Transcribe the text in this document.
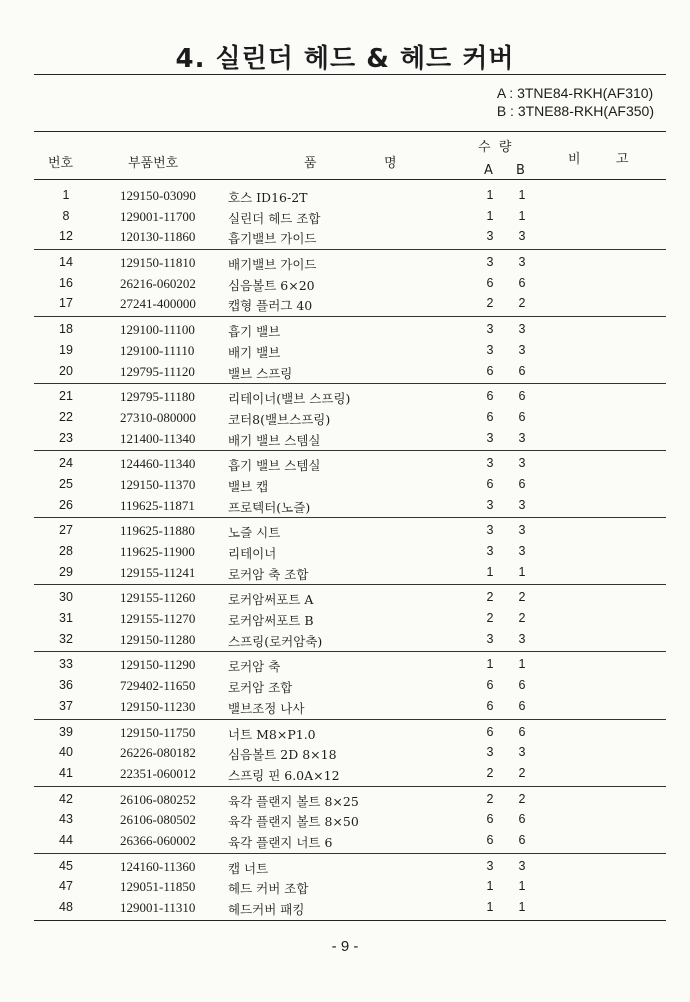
4. 실린더 헤드 & 헤드 커버
A : 3TNE84-RKH(AF310)
B : 3TNE88-RKH(AF350)
번호	부품번호	품	명
수  량
A B
비	고
1	129150-03090	호스 ID16-2T	1 1
8	129001-11700	실린더 헤드 조합	1 1
12	120130-11860	흡기밸브 가이드	3 3
14	129150-11810	배기밸브 가이드	3 3
16	26216-060202	심음볼트 6×20	6 6
17	27241-400000	캡형 플러그 40	2 2
18	129100-11100	흡기 밸브	3 3
19	129100-11110	배기 밸브	3 3
20	129795-11120	밸브 스프링	6 6
21	129795-11180	리테이너(밸브 스프링)	6 6
22	27310-080000	코터8(밸브스프링)	6 6
23	121400-11340	배기 밸브 스템실	3 3
24	124460-11340	흡기 밸브 스템실	3 3
25	129150-11370	밸브 캡	6 6
26	119625-11871	프로텍터(노즐)	3 3
27	119625-11880	노즐 시트	3 3
28	119625-11900	리테이너	3 3
29	129155-11241	로커암 축 조합	1 1
30	129155-11260	로커암써포트 A	2 2
31	129155-11270	로커암써포트 B	2 2
32	129150-11280	스프링(로커암축)	3 3
33	129150-11290	로커암 축	1 1
36	729402-11650	로커암 조합	6 6
37	129150-11230	밸브조정 나사	6 6
39	129150-11750	너트 M8×P1.0	6 6
40	26226-080182	심음볼트 2D 8×18	3 3
41	22351-060012	스프링 핀 6.0A×12	2 2
42	26106-080252	육각 플랜지 볼트 8×25	2 2
43	26106-080502	육각 플랜지 볼트 8×50	6 6
44	26366-060002	육각 플랜지 너트 6	6 6
45	124160-11360	캡 너트	3 3
47	129051-11850	헤드 커버 조합	1 1
48	129001-11310	헤드커버 패킹	1 1
- 9 -
